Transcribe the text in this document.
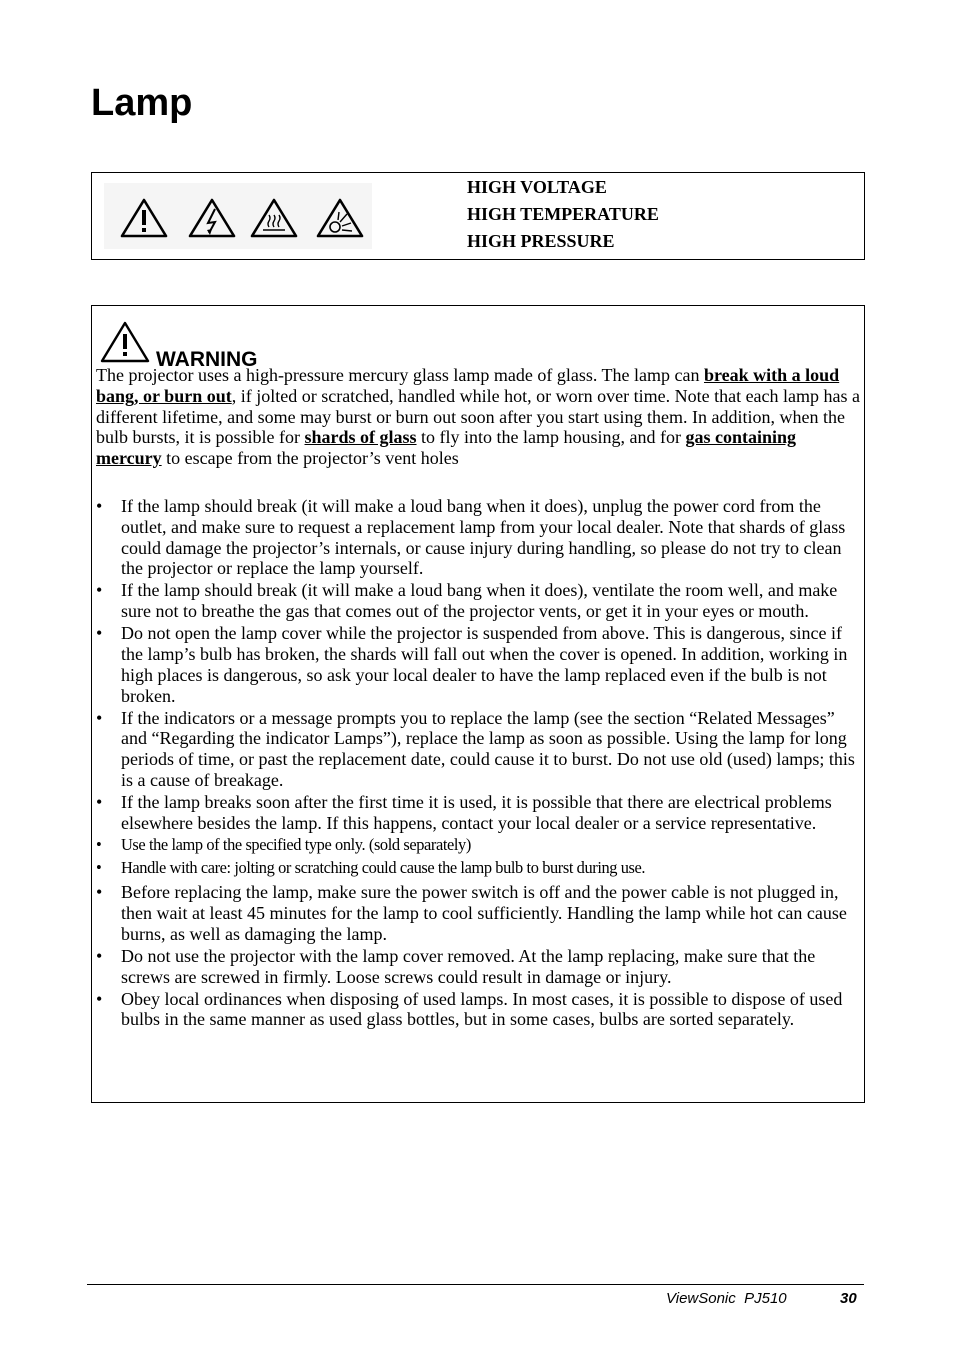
Lamp
HIGH VOLTAGE
HIGH TEMPERATURE
HIGH PRESSURE
WARNING
The projector uses a high-pressure mercury glass lamp made of glass. The lamp can break with a loud bang, or burn out, if jolted or scratched, handled while hot, or worn over time. Note that each lamp has a different lifetime, and some may burst or burn out soon after you start using them. In addition, when the bulb bursts, it is possible for shards of glass to fly into the lamp housing, and for gas containing mercury to escape from the projector’s vent holes
• If the lamp should break (it will make a loud bang when it does), unplug the power cord from the outlet, and make sure to request a replacement lamp from your local dealer. Note that shards of glass could damage the projector’s internals, or cause injury during handling, so please do not try to clean the projector or replace the lamp yourself.
• If the lamp should break (it will make a loud bang when it does), ventilate the room well, and make sure not to breathe the gas that comes out of the projector vents, or get it in your eyes or mouth.
• Do not open the lamp cover while the projector is suspended from above. This is dangerous, since if the lamp’s bulb has broken, the shards will fall out when the cover is opened. In addition, working in high places is dangerous, so ask your local dealer to have the lamp replaced even if the bulb is not broken.
• If the indicators or a message prompts you to replace the lamp (see the section “Related Messages” and “Regarding the indicator Lamps”), replace the lamp as soon as possible. Using the lamp for long periods of time, or past the replacement date, could cause it to burst. Do not use old (used) lamps; this is a cause of breakage.
• If the lamp breaks soon after the first time it is used, it is possible that there are electrical problems elsewhere besides the lamp. If this happens, contact your local dealer or a service representative.
• Use the lamp of the specified type only. (sold separately)
• Handle with care: jolting or scratching could cause the lamp bulb to burst during use.
• Before replacing the lamp, make sure the power switch is off and the power cable is not plugged in, then wait at least 45 minutes for the lamp to cool sufficiently. Handling the lamp while hot can cause burns, as well as damaging the lamp.
• Do not use the projector with the lamp cover removed. At the lamp replacing, make sure that the screws are screwed in firmly. Loose screws could result in damage or injury.
• Obey local ordinances when disposing of used lamps. In most cases, it is possible to dispose of used bulbs in the same manner as used glass bottles, but in some cases, bulbs are sorted separately.
ViewSonic  PJ510	30
